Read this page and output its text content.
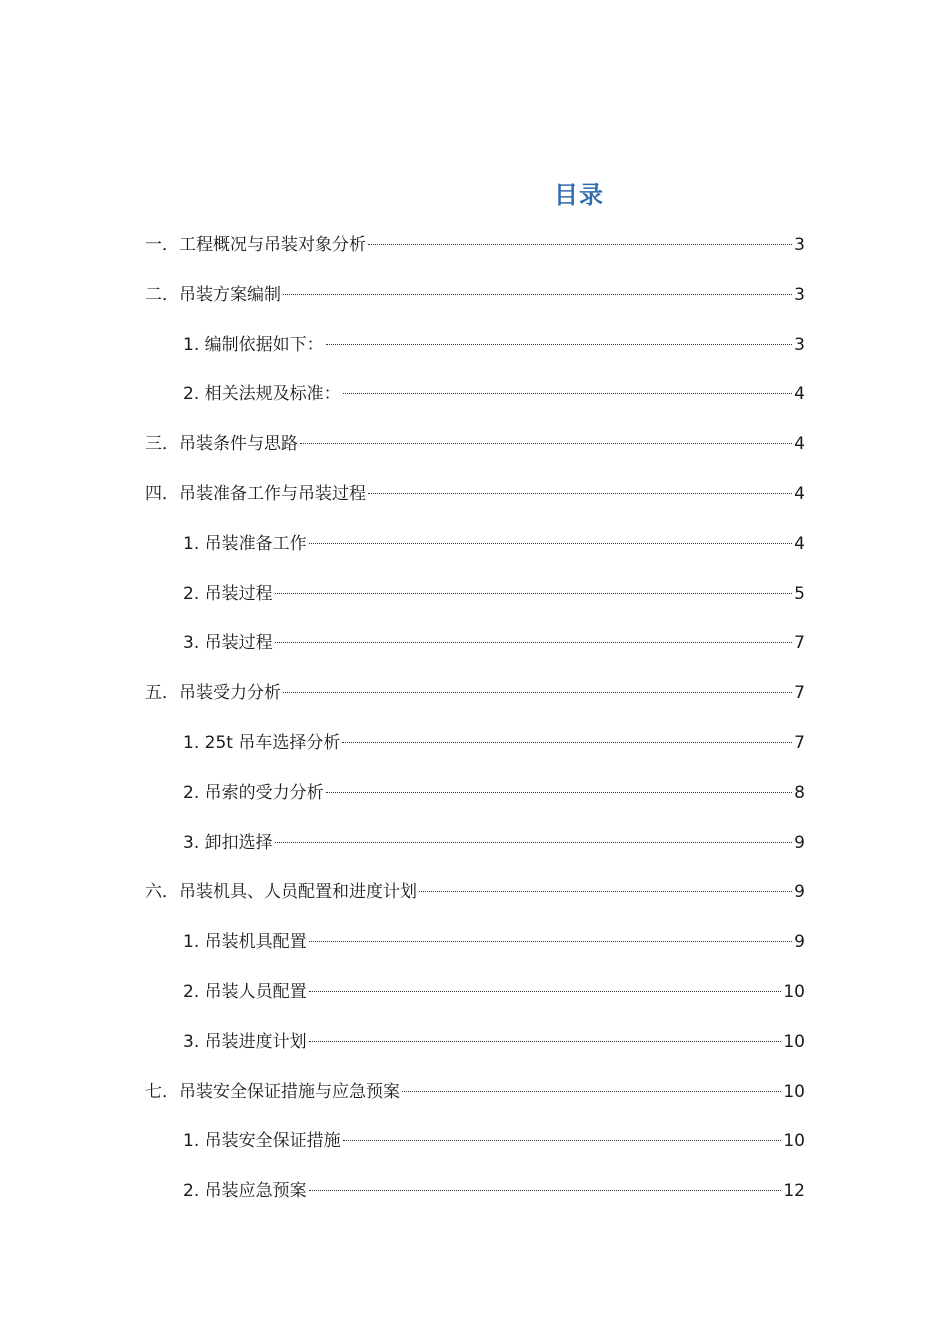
目录
一．工程概况与吊装对象分析	3
二．吊装方案编制	3
1. 编制依据如下：	3
2. 相关法规及标准：	4
三．吊装条件与思路	4
四．吊装准备工作与吊装过程	4
1. 吊装准备工作	4
2. 吊装过程	5
3. 吊装过程	7
五．吊装受力分析	7
1. 25t 吊车选择分析	7
2. 吊索的受力分析	8
3. 卸扣选择	9
六．吊装机具、人员配置和进度计划	9
1. 吊装机具配置	9
2. 吊装人员配置	10
3. 吊装进度计划	10
七．吊装安全保证措施与应急预案	10
1. 吊装安全保证措施	10
2. 吊装应急预案	12
